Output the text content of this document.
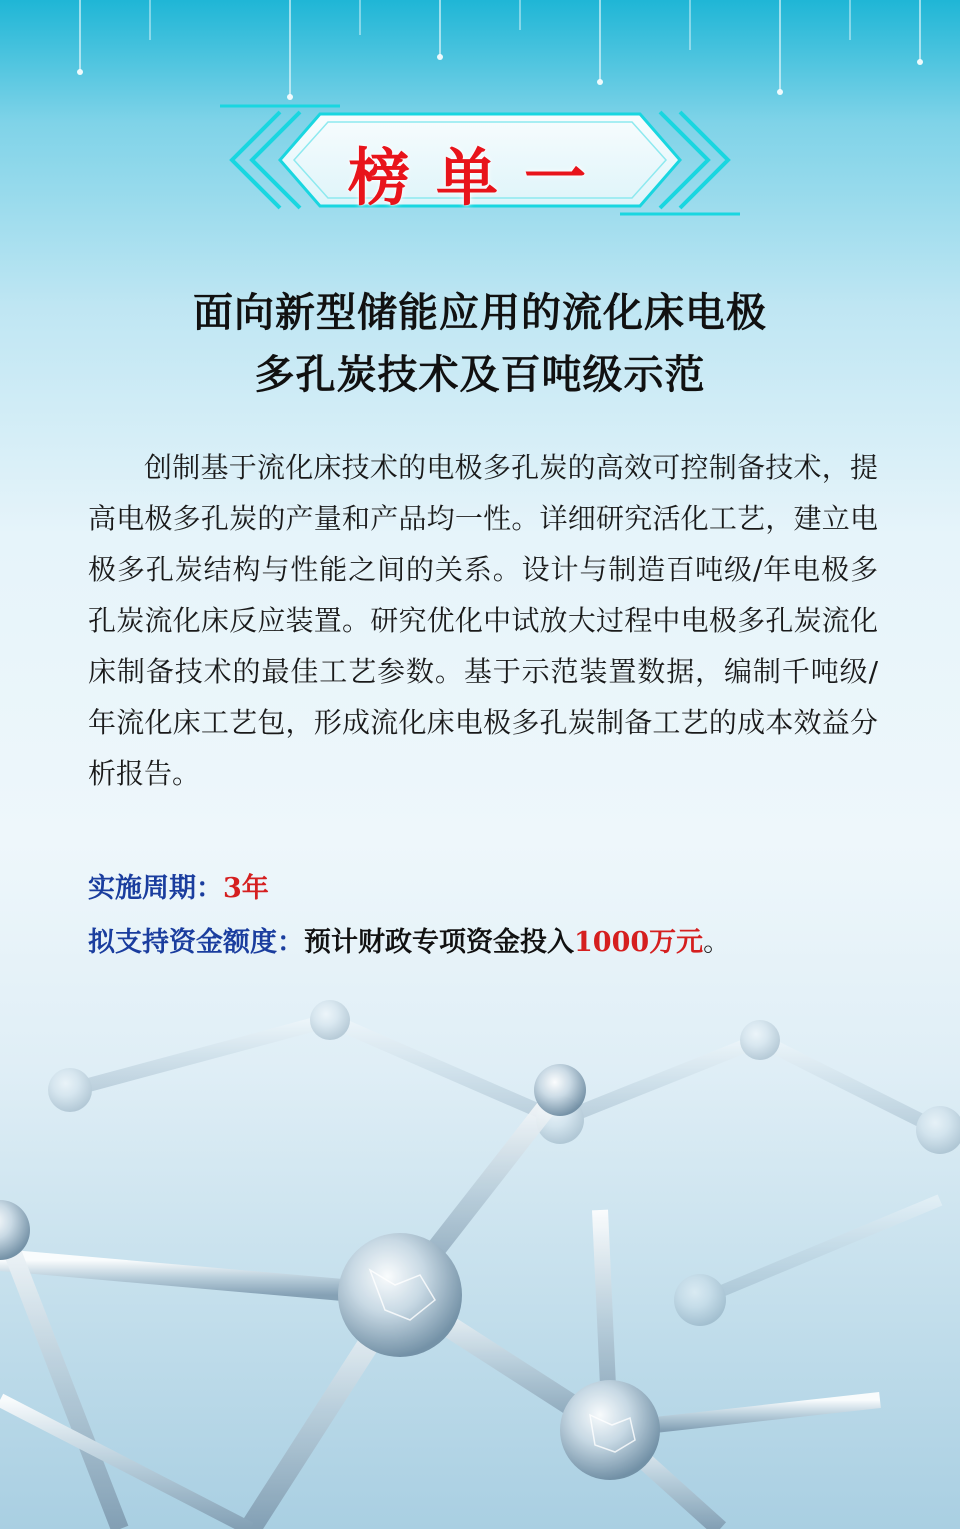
榜单一
面向新型储能应用的流化床电极
多孔炭技术及百吨级示范

创制基于流化床技术的电极多孔炭的高效可控制备技术，提高电极多孔炭的产量和产品均一性。详细研究活化工艺，建立电极多孔炭结构与性能之间的关系。设计与制造百吨级/年电极多孔炭流化床反应装置。研究优化中试放大过程中电极多孔炭流化床制备技术的最佳工艺参数。基于示范装置数据，编制千吨级/年流化床工艺包，形成流化床电极多孔炭制备工艺的成本效益分析报告。

实施周期：3年
拟支持资金额度：预计财政专项资金投入1000万元。
